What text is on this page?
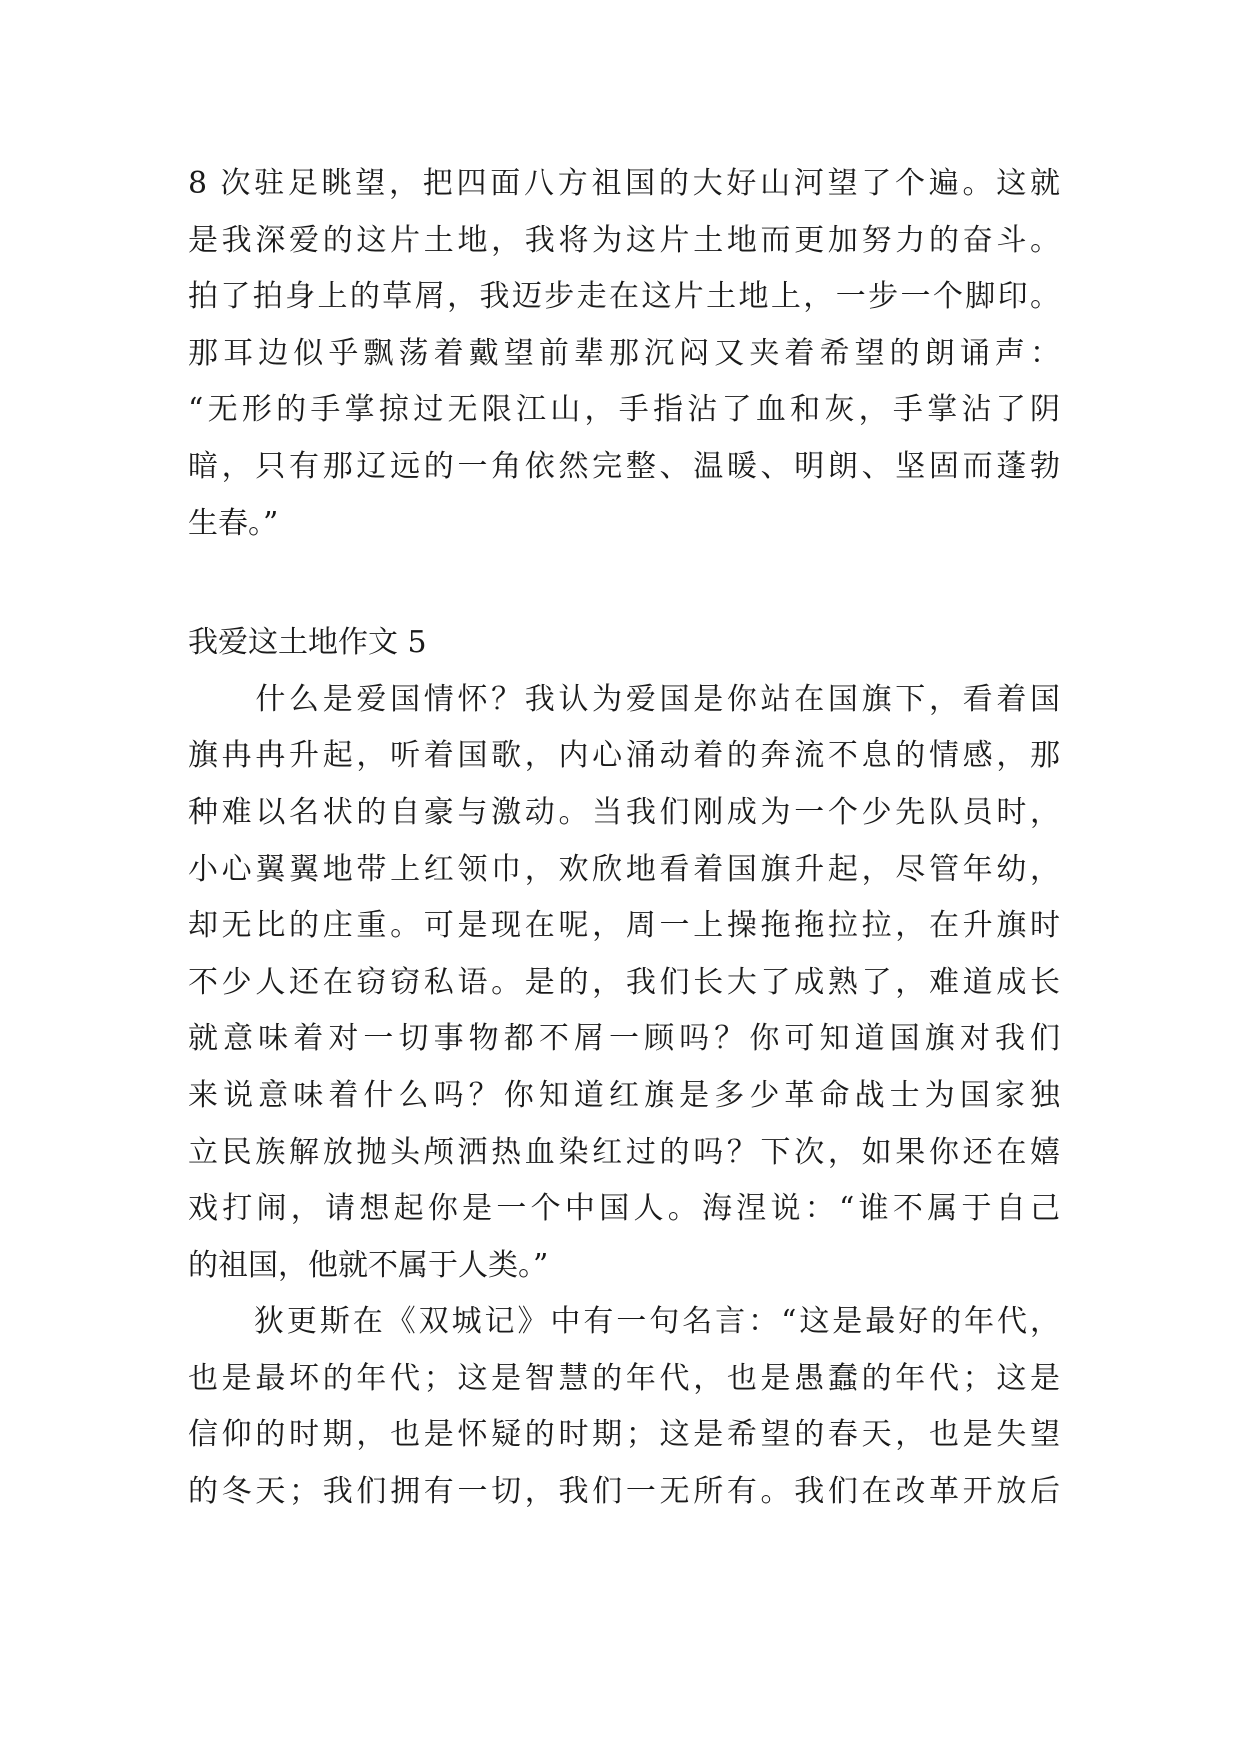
8 次驻足眺望，把四面八方祖国的大好山河望了个遍。这就
是我深爱的这片土地，我将为这片土地而更加努力的奋斗。
拍了拍身上的草屑，我迈步走在这片土地上，一步一个脚印。
那耳边似乎飘荡着戴望前辈那沉闷又夹着希望的朗诵声：
“无形的手掌掠过无限江山，手指沾了血和灰，手掌沾了阴
暗，只有那辽远的一角依然完整、温暖、明朗、坚固而蓬勃
生春。”
我爱这土地作文 5
　　什么是爱国情怀？我认为爱国是你站在国旗下，看着国
旗冉冉升起，听着国歌，内心涌动着的奔流不息的情感，那
种难以名状的自豪与激动。当我们刚成为一个少先队员时，
小心翼翼地带上红领巾，欢欣地看着国旗升起，尽管年幼，
却无比的庄重。可是现在呢，周一上操拖拖拉拉，在升旗时
不少人还在窃窃私语。是的，我们长大了成熟了，难道成长
就意味着对一切事物都不屑一顾吗？你可知道国旗对我们
来说意味着什么吗？你知道红旗是多少革命战士为国家独
立民族解放抛头颅洒热血染红过的吗？下次，如果你还在嬉
戏打闹，请想起你是一个中国人。海涅说：“谁不属于自己
的祖国，他就不属于人类。”
　　狄更斯在《双城记》中有一句名言：“这是最好的年代，
也是最坏的年代；这是智慧的年代，也是愚蠢的年代；这是
信仰的时期，也是怀疑的时期；这是希望的春天，也是失望
的冬天；我们拥有一切，我们一无所有。我们在改革开放后
